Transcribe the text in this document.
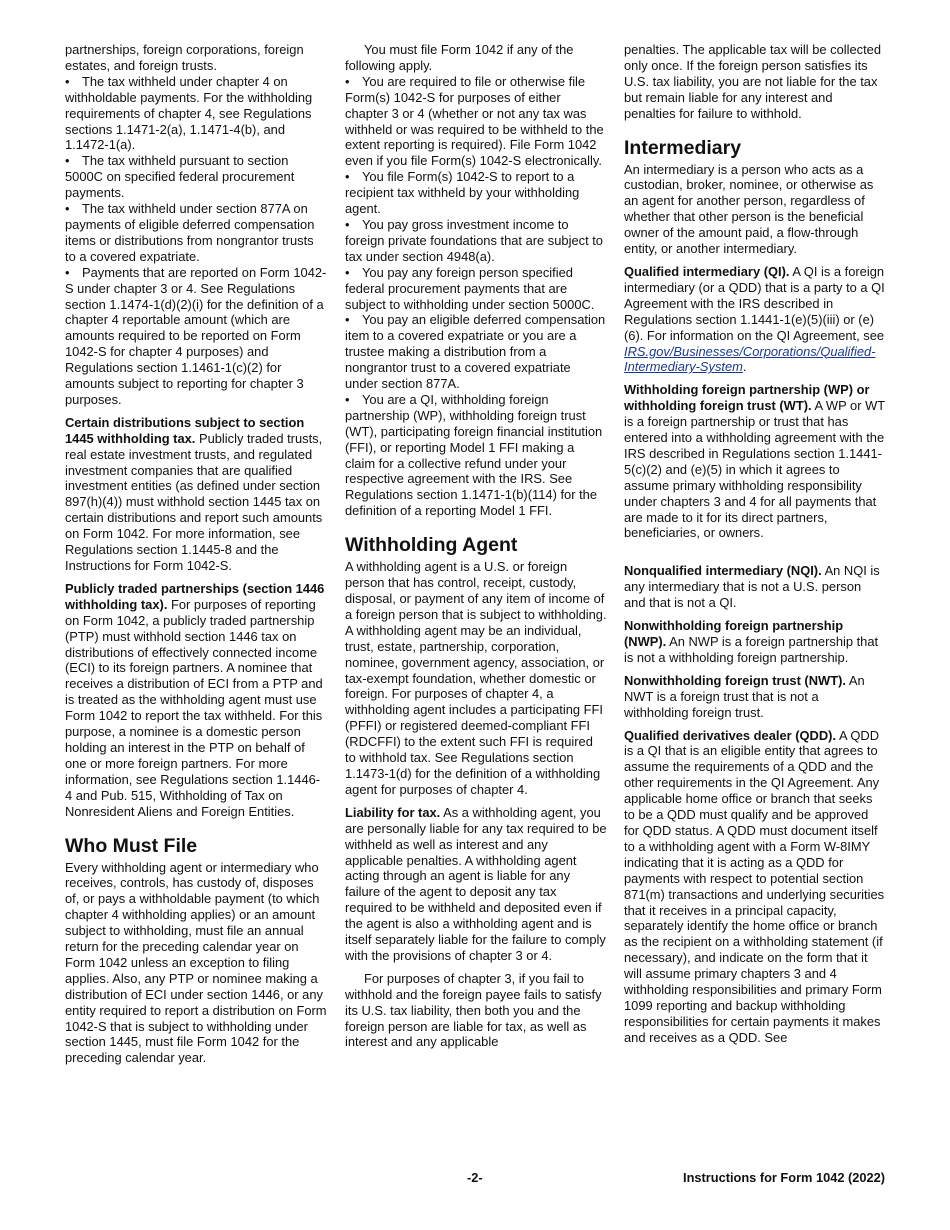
partnerships, foreign corporations, foreign estates, and foreign trusts.

• The tax withheld under chapter 4 on withholdable payments. For the withholding requirements of chapter 4, see Regulations sections 1.1471-2(a), 1.1471-4(b), and 1.1472-1(a).

• The tax withheld pursuant to section 5000C on specified federal procurement payments.

• The tax withheld under section 877A on payments of eligible deferred compensation items or distributions from nongrantor trusts to a covered expatriate.

• Payments that are reported on Form 1042-S under chapter 3 or 4. See Regulations section 1.1474-1(d)(2)(i) for the definition of a chapter 4 reportable amount (which are amounts required to be reported on Form 1042-S for chapter 4 purposes) and Regulations section 1.1461-1(c)(2) for amounts subject to reporting for chapter 3 purposes.

Certain distributions subject to section 1445 withholding tax. Publicly traded trusts, real estate investment trusts, and regulated investment companies that are qualified investment entities (as defined under section 897(h)(4)) must withhold section 1445 tax on certain distributions and report such amounts on Form 1042. For more information, see Regulations section 1.1445-8 and the Instructions for Form 1042-S.

Publicly traded partnerships (section 1446 withholding tax). For purposes of reporting on Form 1042, a publicly traded partnership (PTP) must withhold section 1446 tax on distributions of effectively connected income (ECI) to its foreign partners. A nominee that receives a distribution of ECI from a PTP and is treated as the withholding agent must use Form 1042 to report the tax withheld. For this purpose, a nominee is a domestic person holding an interest in the PTP on behalf of one or more foreign partners. For more information, see Regulations section 1.1446-4 and Pub. 515, Withholding of Tax on Nonresident Aliens and Foreign Entities.

Who Must File

Every withholding agent or intermediary who receives, controls, has custody of, disposes of, or pays a withholdable payment (to which chapter 4 withholding applies) or an amount subject to withholding, must file an annual return for the preceding calendar year on Form 1042 unless an exception to filing applies. Also, any PTP or nominee making a distribution of ECI under section 1446, or any entity required to report a distribution on Form 1042-S that is subject to withholding under section 1445, must file Form 1042 for the preceding calendar year.

You must file Form 1042 if any of the following apply.

• You are required to file or otherwise file Form(s) 1042-S for purposes of either chapter 3 or 4 (whether or not any tax was withheld or was required to be withheld to the extent reporting is required). File Form 1042 even if you file Form(s) 1042-S electronically.

• You file Form(s) 1042-S to report to a recipient tax withheld by your withholding agent.

• You pay gross investment income to foreign private foundations that are subject to tax under section 4948(a).

• You pay any foreign person specified federal procurement payments that are subject to withholding under section 5000C.

• You pay an eligible deferred compensation item to a covered expatriate or you are a trustee making a distribution from a nongrantor trust to a covered expatriate under section 877A.

• You are a QI, withholding foreign partnership (WP), withholding foreign trust (WT), participating foreign financial institution (FFI), or reporting Model 1 FFI making a claim for a collective refund under your respective agreement with the IRS. See Regulations section 1.1471-1(b)(114) for the definition of a reporting Model 1 FFI.

Withholding Agent

A withholding agent is a U.S. or foreign person that has control, receipt, custody, disposal, or payment of any item of income of a foreign person that is subject to withholding. A withholding agent may be an individual, trust, estate, partnership, corporation, nominee, government agency, association, or tax-exempt foundation, whether domestic or foreign. For purposes of chapter 4, a withholding agent includes a participating FFI (PFFI) or registered deemed-compliant FFI (RDCFFI) to the extent such FFI is required to withhold tax. See Regulations section 1.1473-1(d) for the definition of a withholding agent for purposes of chapter 4.

Liability for tax. As a withholding agent, you are personally liable for any tax required to be withheld as well as interest and any applicable penalties. A withholding agent acting through an agent is liable for any failure of the agent to deposit any tax required to be withheld and deposited even if the agent is also a withholding agent and is itself separately liable for the failure to comply with the provisions of chapter 3 or 4.

For purposes of chapter 3, if you fail to withhold and the foreign payee fails to satisfy its U.S. tax liability, then both you and the foreign person are liable for tax, as well as interest and any applicable

penalties. The applicable tax will be collected only once. If the foreign person satisfies its U.S. tax liability, you are not liable for the tax but remain liable for any interest and penalties for failure to withhold.

Intermediary

An intermediary is a person who acts as a custodian, broker, nominee, or otherwise as an agent for another person, regardless of whether that other person is the beneficial owner of the amount paid, a flow-through entity, or another intermediary.

Qualified intermediary (QI). A QI is a foreign intermediary (or a QDD) that is a party to a QI Agreement with the IRS described in Regulations section 1.1441-1(e)(5)(iii) or (e)(6). For information on the QI Agreement, see IRS.gov/Businesses/Corporations/Qualified-Intermediary-System.

Withholding foreign partnership (WP) or withholding foreign trust (WT). A WP or WT is a foreign partnership or trust that has entered into a withholding agreement with the IRS described in Regulations section 1.1441-5(c)(2) and (e)(5) in which it agrees to assume primary withholding responsibility under chapters 3 and 4 for all payments that are made to it for its direct partners, beneficiaries, or owners.

Nonqualified intermediary (NQI). An NQI is any intermediary that is not a U.S. person and that is not a QI.

Nonwithholding foreign partnership (NWP). An NWP is a foreign partnership that is not a withholding foreign partnership.

Nonwithholding foreign trust (NWT). An NWT is a foreign trust that is not a withholding foreign trust.

Qualified derivatives dealer (QDD). A QDD is a QI that is an eligible entity that agrees to assume the requirements of a QDD and the other requirements in the QI Agreement. Any applicable home office or branch that seeks to be a QDD must qualify and be approved for QDD status. A QDD must document itself to a withholding agent with a Form W-8IMY indicating that it is acting as a QDD for payments with respect to potential section 871(m) transactions and underlying securities that it receives in a principal capacity, separately identify the home office or branch as the recipient on a withholding statement (if necessary), and indicate on the form that it will assume primary chapters 3 and 4 withholding responsibilities and primary Form 1099 reporting and backup withholding responsibilities for certain payments it makes and receives as a QDD. See

-2-	Instructions for Form 1042 (2022)
